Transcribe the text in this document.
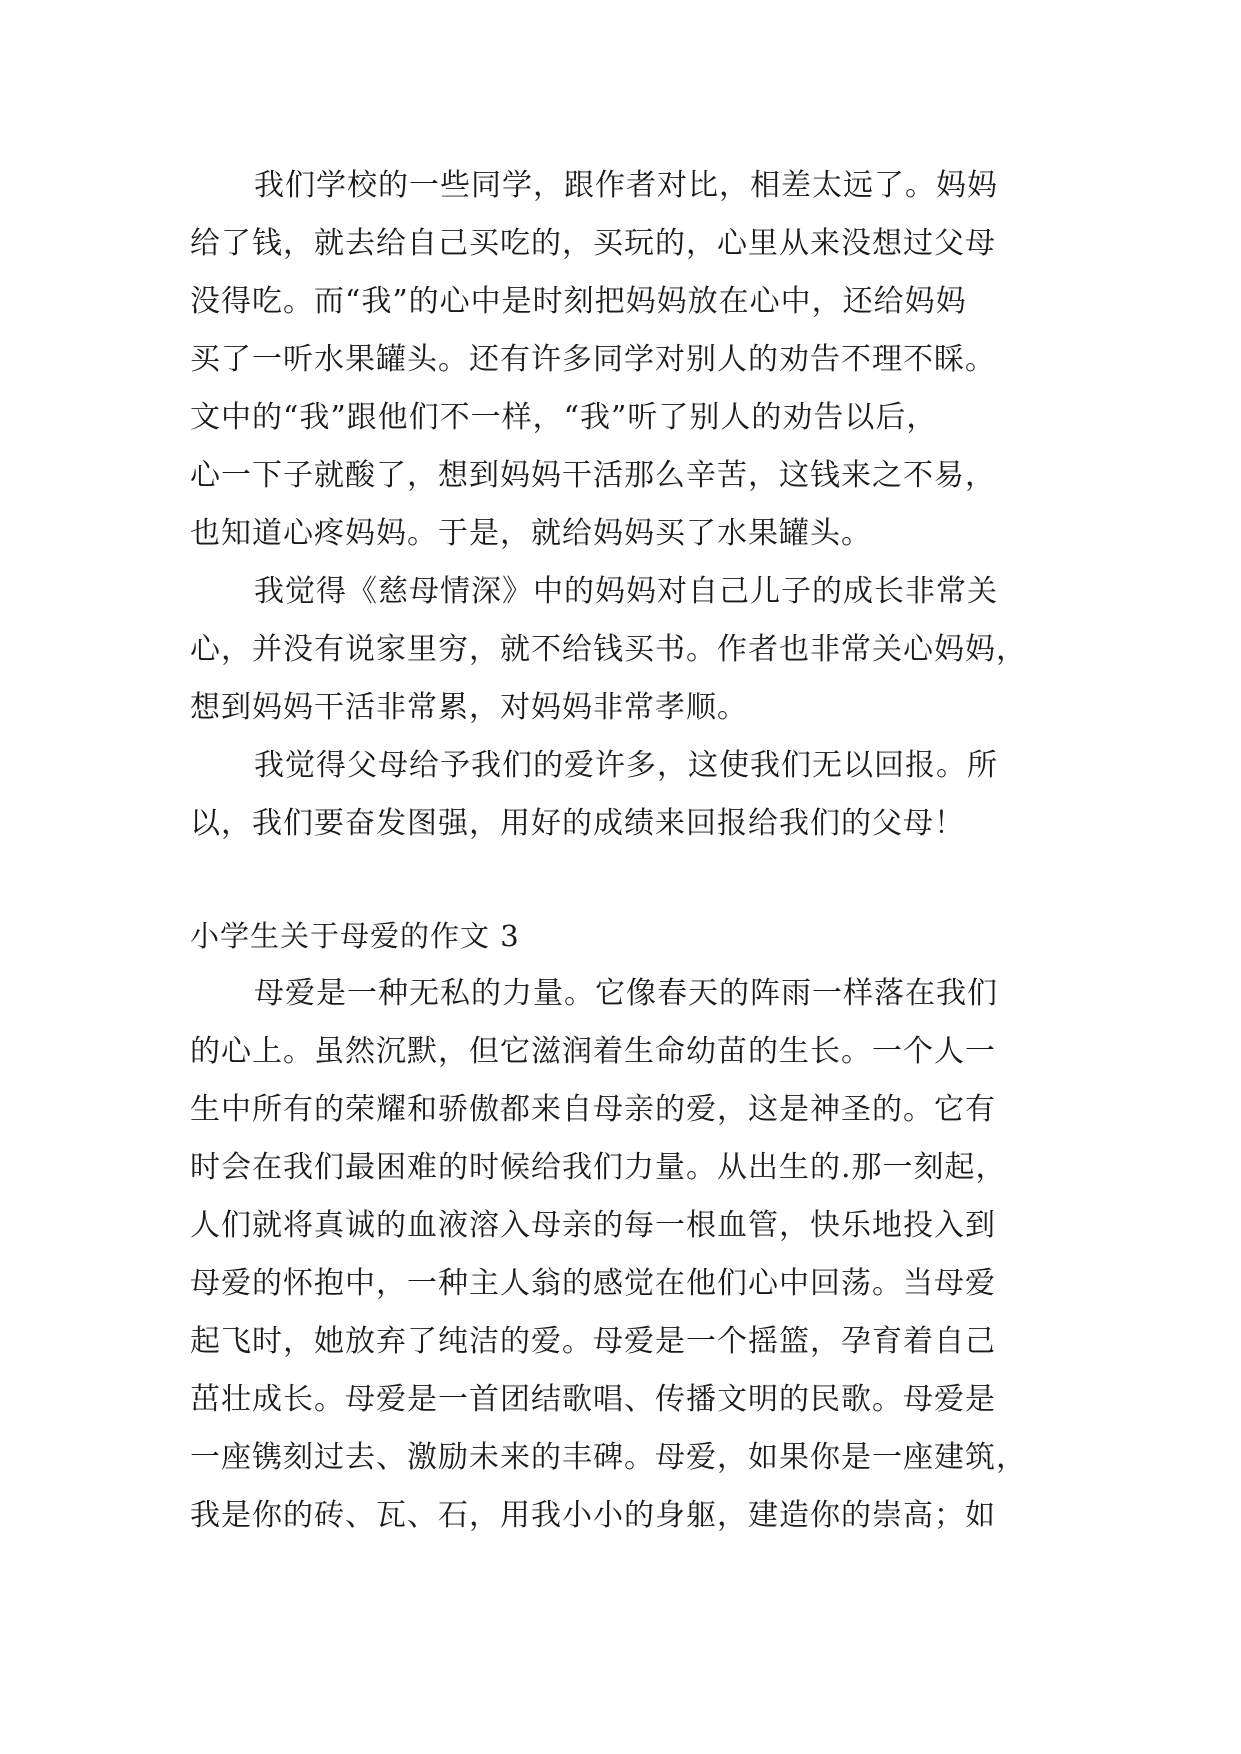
我们学校的一些同学，跟作者对比，相差太远了。妈妈
给了钱，就去给自己买吃的，买玩的，心里从来没想过父母
没得吃。而“我”的心中是时刻把妈妈放在心中，还给妈妈
买了一听水果罐头。还有许多同学对别人的劝告不理不睬。
文中的“我”跟他们不一样，“我”听了别人的劝告以后，
心一下子就酸了，想到妈妈干活那么辛苦，这钱来之不易，
也知道心疼妈妈。于是，就给妈妈买了水果罐头。
我觉得《慈母情深》中的妈妈对自己儿子的成长非常关
心，并没有说家里穷，就不给钱买书。作者也非常关心妈妈，
想到妈妈干活非常累，对妈妈非常孝顺。
我觉得父母给予我们的爱许多，这使我们无以回报。所
以，我们要奋发图强，用好的成绩来回报给我们的父母！
小学生关于母爱的作文 3
母爱是一种无私的力量。它像春天的阵雨一样落在我们
的心上。虽然沉默，但它滋润着生命幼苗的生长。一个人一
生中所有的荣耀和骄傲都来自母亲的爱，这是神圣的。它有
时会在我们最困难的时候给我们力量。从出生的.那一刻起，
人们就将真诚的血液溶入母亲的每一根血管，快乐地投入到
母爱的怀抱中，一种主人翁的感觉在他们心中回荡。当母爱
起飞时，她放弃了纯洁的爱。母爱是一个摇篮，孕育着自己
茁壮成长。母爱是一首团结歌唱、传播文明的民歌。母爱是
一座镌刻过去、激励未来的丰碑。母爱，如果你是一座建筑，
我是你的砖、瓦、石，用我小小的身躯，建造你的崇高；如
